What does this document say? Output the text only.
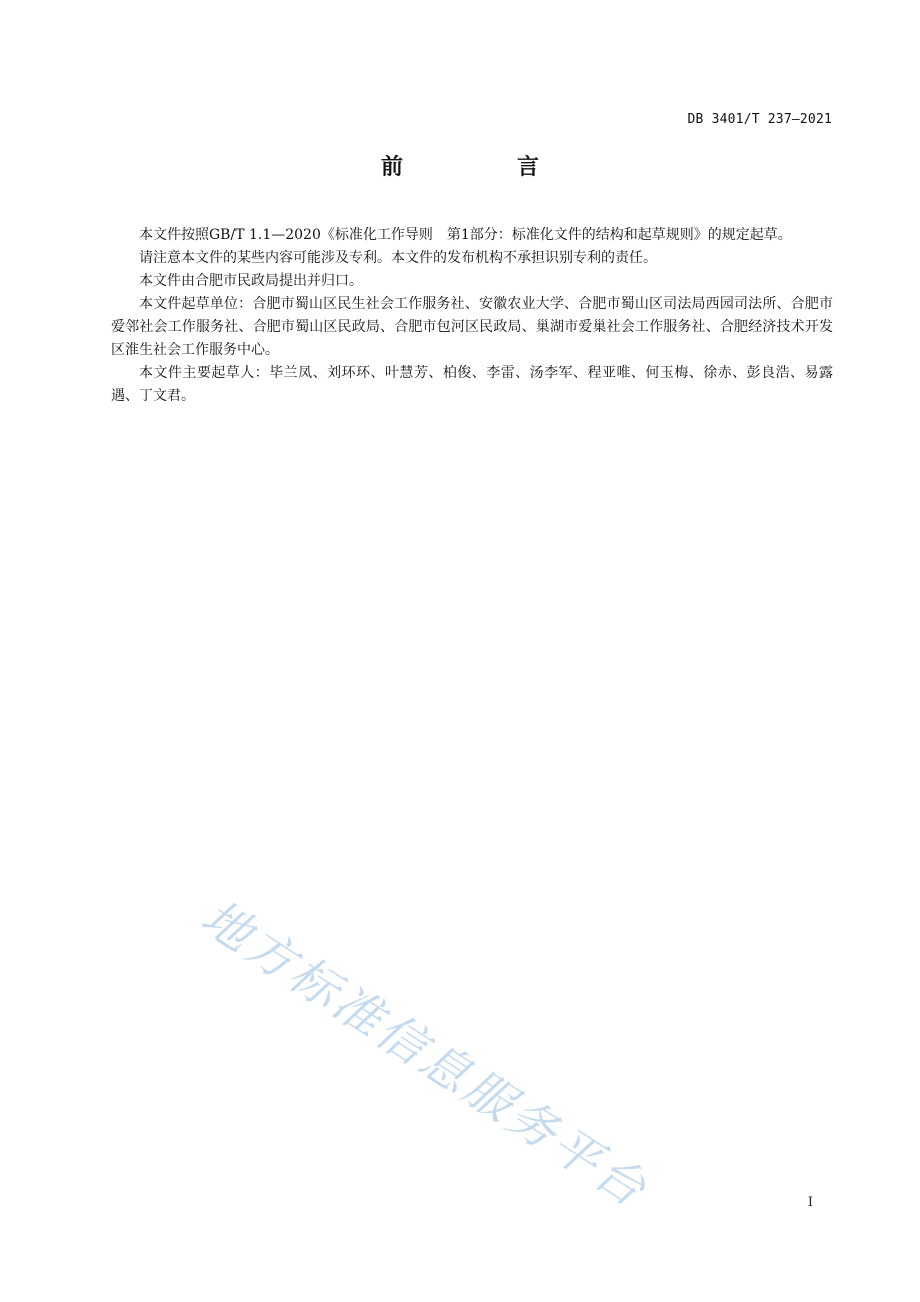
DB 3401/T 237—2021
前　言

本文件按照GB/T 1.1—2020《标准化工作导则　第1部分：标准化文件的结构和起草规则》的规定起草。

请注意本文件的某些内容可能涉及专利。本文件的发布机构不承担识别专利的责任。

本文件由合肥市民政局提出并归口。

本文件起草单位：合肥市蜀山区民生社会工作服务社、安徽农业大学、合肥市蜀山区司法局西园司法所、合肥市爱邻社会工作服务社、合肥市蜀山区民政局、合肥市包河区民政局、巢湖市爱巢社会工作服务社、合肥经济技术开发区淮生社会工作服务中心。

本文件主要起草人：毕兰凤、刘环环、叶慧芳、柏俊、李雷、汤李军、程亚唯、何玉梅、徐赤、彭良浩、易露遇、丁文君。

地方标准信息服务平台	I
